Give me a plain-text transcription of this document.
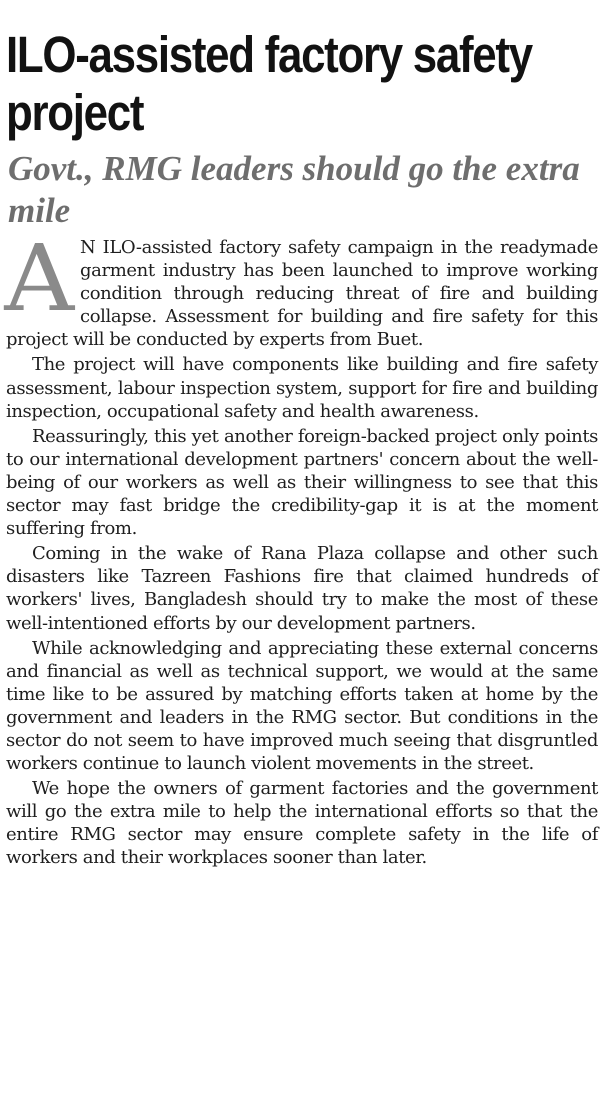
ILO-assisted factory safety project
Govt., RMG leaders should go the extra mile

A N ILO-assisted factory safety campaign in the readymade garment industry has been launched to improve working condition through reducing threat of fire and building collapse. Assessment for building and fire safety for this project will be conducted by experts from Buet.

The project will have components like building and fire safety assessment, labour inspection system, support for fire and building inspection, occupational safety and health awareness.

Reassuringly, this yet another foreign-backed project only points to our international development partners' concern about the well-being of our workers as well as their willingness to see that this sector may fast bridge the credibility-gap it is at the moment suffering from.

Coming in the wake of Rana Plaza collapse and other such disasters like Tazreen Fashions fire that claimed hundreds of workers' lives, Bangladesh should try to make the most of these well-intentioned efforts by our development partners.

While acknowledging and appreciating these external concerns and financial as well as technical support, we would at the same time like to be assured by matching efforts taken at home by the government and leaders in the RMG sector. But conditions in the sector do not seem to have improved much seeing that disgruntled workers continue to launch violent movements in the street.

We hope the owners of garment factories and the government will go the extra mile to help the international efforts so that the entire RMG sector may ensure complete safety in the life of workers and their workplaces sooner than later.
